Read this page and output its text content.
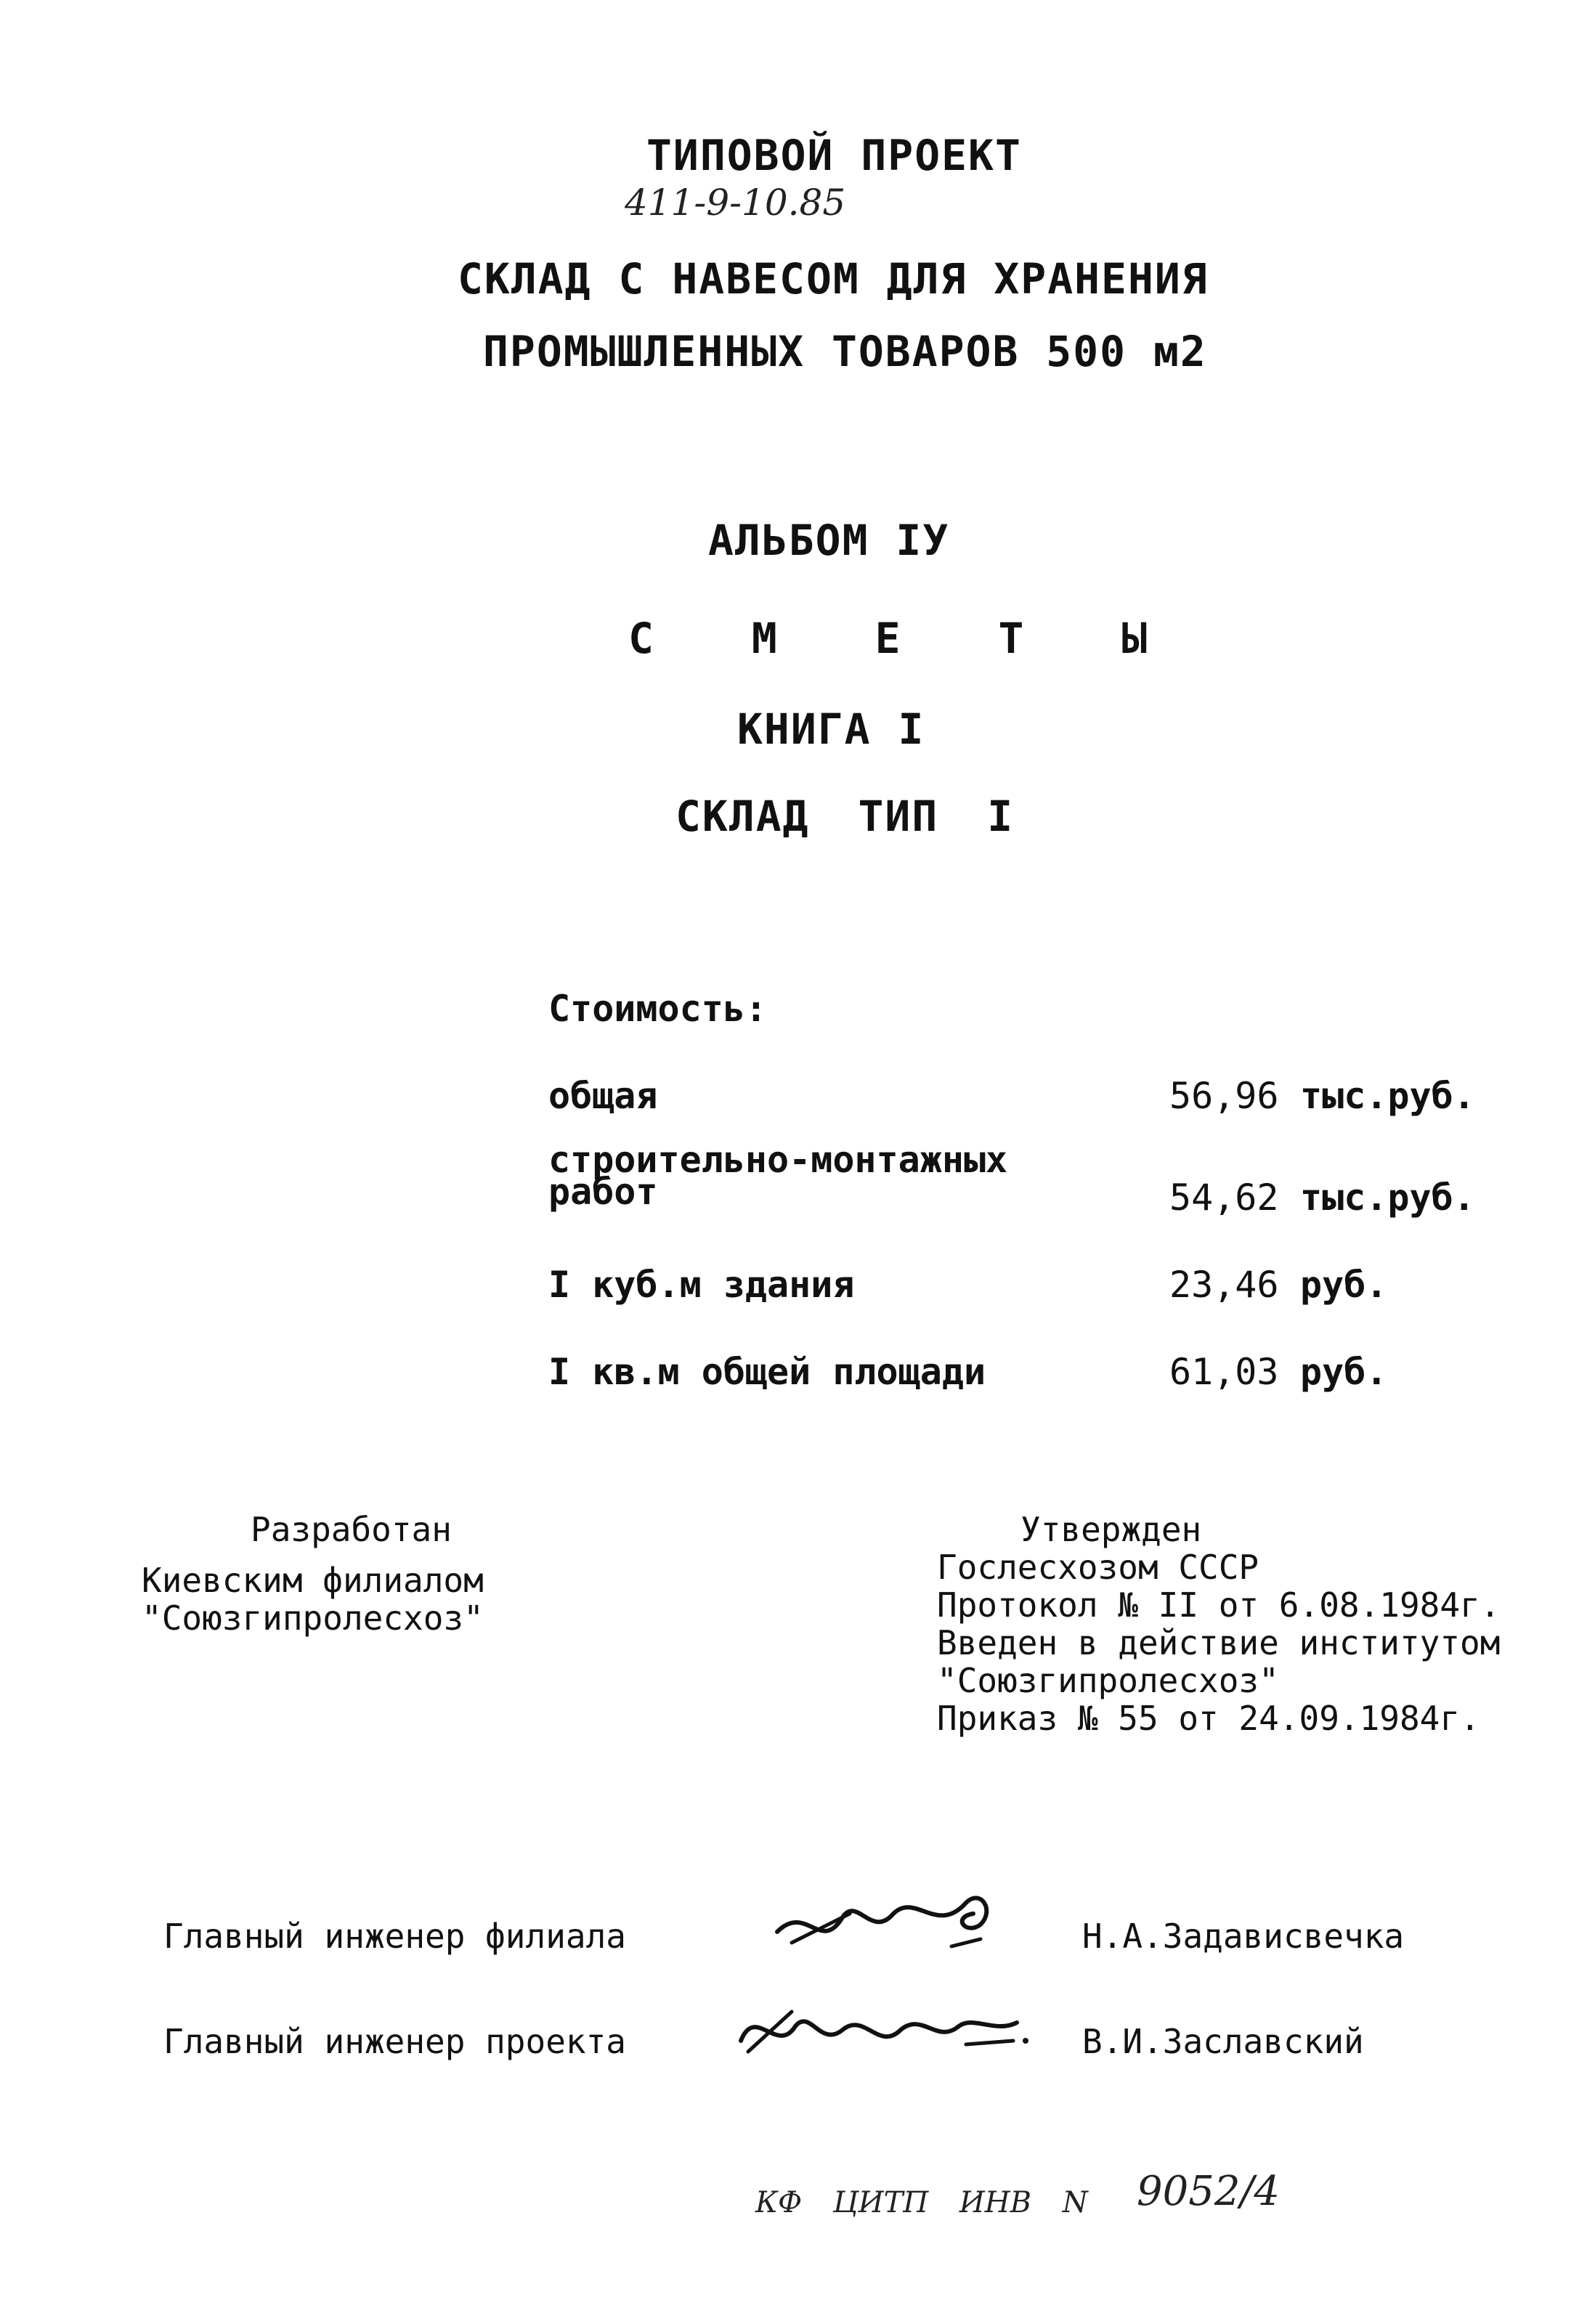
ТИПОВОЙ ПРОЕКТ
411-9-10.85
СКЛАД С НАВЕСОМ ДЛЯ ХРАНЕНИЯ
ПРОМЫШЛЕННЫХ ТОВАРОВ 500 м2
АЛЬБОМ IУ
С М Е Т Ы
КНИГА I
СКЛАД ТИП I
Стоимость:
общая	56,96 тыс.руб.
строительно-монтажных
работ	54,62 тыс.руб.
I куб.м здания	23,46 руб.
I кв.м общей площади	61,03 руб.
Разработан
Киевским филиалом
"Союзгипролесхоз"
Утвержден
Гослесхозом СССР
Протокол № II от 6.08.1984г.
Введен в действие институтом
"Союзгипролесхоз"
Приказ № 55 от 24.09.1984г.
Главный инженер филиала	Н.А.Задависвечка
Главный инженер проекта	В.И.Заславский
КФ ЦИТП ИНВ N 9052/4
